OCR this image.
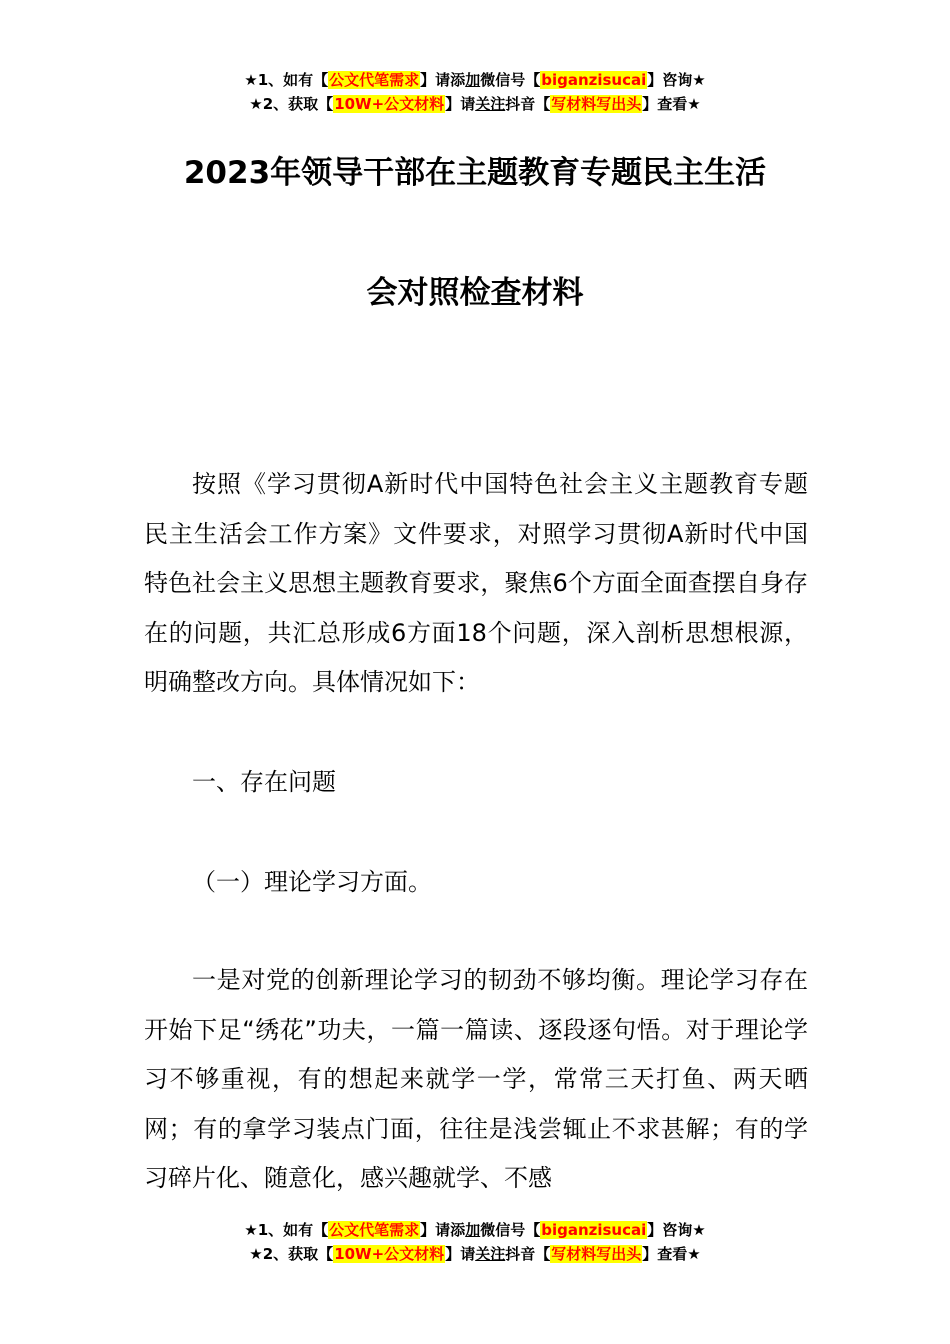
★1、如有【公文代笔需求】请添加微信号【biganzisucai】咨询★
★2、获取【10W+公文材料】请关注抖音【写材料写出头】查看★
2023年领导干部在主题教育专题民主生活
会对照检查材料

按照《学习贯彻A新时代中国特色社会主义主题教育专题民主生活会工作方案》文件要求，对照学习贯彻A新时代中国特色社会主义思想主题教育要求，聚焦6个方面全面查摆自身存在的问题，共汇总形成6方面18个问题，深入剖析思想根源，明确整改方向。具体情况如下：

一、存在问题

（一）理论学习方面。

一是对党的创新理论学习的韧劲不够均衡。理论学习存在开始下足“绣花”功夫，一篇一篇读、逐段逐句悟。对于理论学习不够重视，有的想起来就学一学，常常三天打鱼、两天晒网；有的拿学习装点门面，往往是浅尝辄止不求甚解；有的学习碎片化、随意化，感兴趣就学、不感

★1、如有【公文代笔需求】请添加微信号【biganzisucai】咨询★
★2、获取【10W+公文材料】请关注抖音【写材料写出头】查看★
